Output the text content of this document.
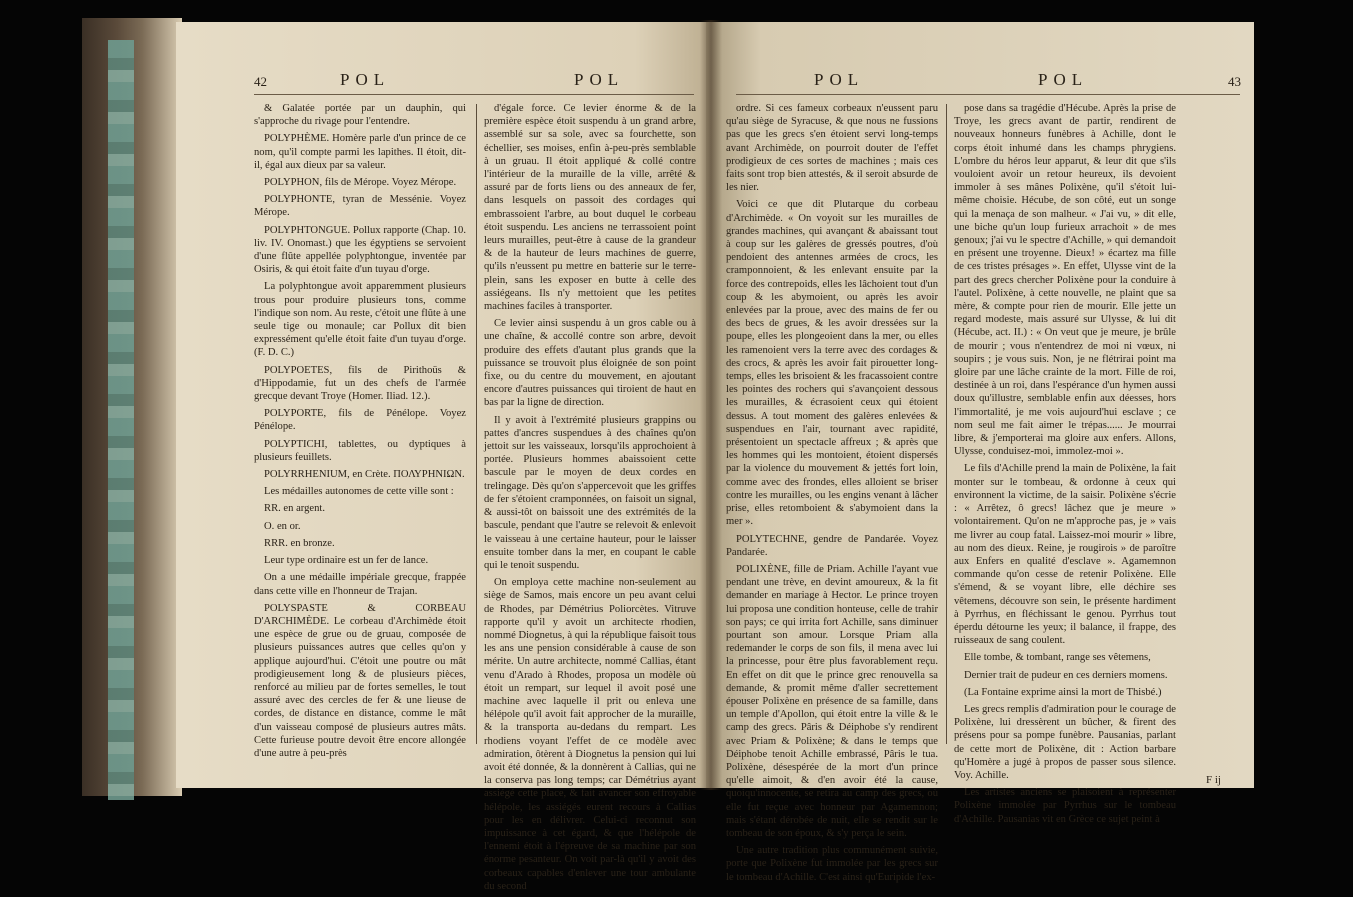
42	POL	POL

& Galatée portée par un dauphin, qui s'approche du rivage pour l'entendre.

POLYPHÈME. Homère parle d'un prince de ce nom, qu'il compte parmi les lapithes. Il étoit, dit-il, égal aux dieux par sa valeur.

POLYPHON, fils de Mérope. Voyez Mérope.

POLYPHONTE, tyran de Messénie. Voyez Mérope.

POLYPHTONGUE. Pollux rapporte (Chap. 10. liv. IV. Onomast.) que les égyptiens se servoient d'une flûte appellée polyphtongue, inventée par Osiris, & qui étoit faite d'un tuyau d'orge.

La polyphtongue avoit apparemment plusieurs trous pour produire plusieurs tons, comme l'indique son nom. Au reste, c'étoit une flûte à une seule tige ou monaule; car Pollux dit bien expressément qu'elle étoit faite d'un tuyau d'orge. (F. D. C.)

POLYPOETES, fils de Pirithoüs & d'Hippodamie, fut un des chefs de l'armée grecque devant Troye (Homer. Iliad. 12.).

POLYPORTE, fils de Pénélope. Voyez Pénélope.

POLYPTICHI, tablettes, ou dyptiques à plusieurs feuillets.

POLYRRHENIUM, en Crète. ΠΟΛΥΡΗΝΙΩΝ.

Les médailles autonomes de cette ville sont :

RR. en argent.

O. en or.

RRR. en bronze.

Leur type ordinaire est un fer de lance.

On a une médaille impériale grecque, frappée dans cette ville en l'honneur de Trajan.

POLYSPASTE & CORBEAU D'ARCHIMÈDE. Le corbeau d'Archimède étoit une espèce de grue ou de gruau, composée de plusieurs puissances autres que celles qu'on y applique aujourd'hui. C'étoit une poutre ou mât prodigieusement long & de plusieurs pièces, renforcé au milieu par de fortes semelles, le tout assuré avec des cercles de fer & une lieuse de cordes, de distance en distance, comme le mât d'un vaisseau composé de plusieurs autres mâts. Cette furieuse poutre devoit être encore allongée d'une autre à peu-près

d'égale force. Ce levier énorme & de la première espèce étoit suspendu à un grand arbre, assemblé sur sa sole, avec sa fourchette, son échellier, ses moises, enfin à-peu-près semblable à un gruau. Il étoit appliqué & collé contre l'intérieur de la muraille de la ville, arrêté & assuré par de forts liens ou des anneaux de fer, dans lesquels on passoit des cordages qui embrassoient l'arbre, au bout duquel le corbeau étoit suspendu. Les anciens ne terrassoient point leurs murailles, peut-être à cause de la grandeur & de la hauteur de leurs machines de guerre, qu'ils n'eussent pu mettre en batterie sur le terre-plein, sans les exposer en butte à celle des assiégeans. Ils n'y mettoient que les petites machines faciles à transporter.

Ce levier ainsi suspendu à un gros cable ou à une chaîne, & accollé contre son arbre, devoit produire des effets d'autant plus grands que la puissance se trouvoit plus éloignée de son point fixe, ou du centre du mouvement, en ajoutant encore d'autres puissances qui tiroient de haut en bas par la ligne de direction.

Il y avoit à l'extrémité plusieurs grappins ou pattes d'ancres suspendues à des chaînes qu'on jettoit sur les vaisseaux, lorsqu'ils approchoient à portée. Plusieurs hommes abaissoient cette bascule par le moyen de deux cordes en trelingage. Dès qu'on s'appercevoit que les griffes de fer s'étoient cramponnées, on faisoit un signal, & aussi-tôt on baissoit une des extrémités de la bascule, pendant que l'autre se relevoit & enlevoit le vaisseau à une certaine hauteur, pour le laisser ensuite tomber dans la mer, en coupant le cable qui le tenoit suspendu.

On employa cette machine non-seulement au siège de Samos, mais encore un peu avant celui de Rhodes, par Démétrius Poliorcètes. Vitruve rapporte qu'il y avoit un architecte rhodien, nommé Diognetus, à qui la république faisoit tous les ans une pension considérable à cause de son mérite. Un autre architecte, nommé Callias, étant venu d'Arado à Rhodes, proposa un modèle où étoit un rempart, sur lequel il avoit posé une machine avec laquelle il prit ou enleva une hélépole qu'il avoit fait approcher de la muraille, & la transporta au-dedans du rempart. Les rhodiens voyant l'effet de ce modèle avec admiration, ôtèrent à Diognetus la pension qui lui avoit été donnée, & la donnèrent à Callias, qui ne la conserva pas long temps; car Démétrius ayant assiégé cette place, & fait avancer son effroyable hélépole, les assiégés eurent recours à Callias pour les en délivrer. Celui-ci reconnut son impuissance à cet égard, & que l'hélépole de l'ennemi étoit à l'épreuve de sa machine par son énorme pesanteur. On voit par-là qu'il y avoit des corbeaux capables d'enlever une tour ambulante du second

POL	POL	43

ordre. Si ces fameux corbeaux n'eussent paru qu'au siège de Syracuse, & que nous ne fussions pas que les grecs s'en étoient servi long-temps avant Archimède, on pourroit douter de l'effet prodigieux de ces sortes de machines ; mais ces faits sont trop bien attestés, & il seroit absurde de les nier.

Voici ce que dit Plutarque du corbeau d'Archimède. « On voyoit sur les murailles de grandes machines, qui avançant & abaissant tout à coup sur les galères de gressés poutres, d'où pendoient des antennes armées de crocs, les cramponnoient, & les enlevant ensuite par la force des contrepoids, elles les lâchoient tout d'un coup & les abymoient, ou après les avoir enlevées par la proue, avec des mains de fer ou des becs de grues, & les avoir dressées sur la poupe, elles les plongeoient dans la mer, ou elles les ramenoient vers la terre avec des cordages & des crocs, & après les avoir fait pirouetter long-temps, elles les brisoient & les fracassoient contre les pointes des rochers qui s'avançoient dessous les murailles, & écrasoient ceux qui étoient dessus. A tout moment des galères enlevées & suspendues en l'air, tournant avec rapidité, présentoient un spectacle affreux ; & après que les hommes qui les montoient, étoient dispersés par la violence du mouvement & jettés fort loin, comme avec des frondes, elles alloient se briser contre les murailles, ou les engins venant à lâcher prise, elles retomboient & s'abymoient dans la mer ».

POLYTECHNE, gendre de Pandarée. Voyez Pandarée.

POLIXÈNE, fille de Priam. Achille l'ayant vue pendant une trève, en devint amoureux, & la fit demander en mariage à Hector. Le prince troyen lui proposa une condition honteuse, celle de trahir son pays; ce qui irrita fort Achille, sans diminuer pourtant son amour. Lorsque Priam alla redemander le corps de son fils, il mena avec lui la princesse, pour être plus favorablement reçu. En effet on dit que le prince grec renouvella sa demande, & promit même d'aller secrettement épouser Polixène en présence de sa famille, dans un temple d'Apollon, qui étoit entre la ville & le camp des grecs. Pâris & Déiphobe s'y rendirent avec Priam & Polixène; & dans le temps que Déiphobe tenoit Achille embrassé, Pâris le tua. Polixène, désespérée de la mort d'un prince qu'elle aimoit, & d'en avoir été la cause, quoiqu'innocente, se retira au camp des grecs, où elle fut reçue avec honneur par Agamemnon; mais s'étant dérobée de nuit, elle se rendit sur le tombeau de son époux, & s'y perça le sein.

Une autre tradition plus communément suivie, porte que Polixène fut immolée par les grecs sur le tombeau d'Achille. C'est ainsi qu'Euripide l'ex-

pose dans sa tragédie d'Hécube. Après la prise de Troye, les grecs avant de partir, rendirent de nouveaux honneurs funèbres à Achille, dont le corps étoit inhumé dans les champs phrygiens. L'ombre du héros leur apparut, & leur dit que s'ils vouloient avoir un retour heureux, ils devoient immoler à ses mânes Polixène, qu'il s'étoit lui-même choisie. Hécube, de son côté, eut un songe qui la menaça de son malheur. « J'ai vu, » dit elle, une biche qu'un loup furieux arrachoit » de mes genoux; j'ai vu le spectre d'Achille, » qui demandoit en présent une troyenne. Dieux! » écartez ma fille de ces tristes présages ». En effet, Ulysse vint de la part des grecs chercher Polixène pour la conduire à l'autel. Polixène, à cette nouvelle, ne plaint que sa mère, & compte pour rien de mourir. Elle jette un regard modeste, mais assuré sur Ulysse, & lui dit (Hécube, act. II.) : « On veut que je meure, je brûle de mourir ; vous n'entendrez de moi ni vœux, ni soupirs ; je vous suis. Non, je ne flétrirai point ma gloire par une lâche crainte de la mort. Fille de roi, destinée à un roi, dans l'espérance d'un hymen aussi doux qu'illustre, semblable enfin aux déesses, hors l'immortalité, je me vois aujourd'hui esclave ; ce nom seul me fait aimer le trépas...... Je mourrai libre, & j'emporterai ma gloire aux enfers. Allons, Ulysse, conduisez-moi, immolez-moi ».

Le fils d'Achille prend la main de Polixène, la fait monter sur le tombeau, & ordonne à ceux qui environnent la victime, de la saisir. Polixène s'écrie : « Arrêtez, ô grecs! lâchez que je meure » volontairement. Qu'on ne m'approche pas, je » vais me livrer au coup fatal. Laissez-moi mourir » libre, au nom des dieux. Reine, je rougirois » de paroître aux Enfers en qualité d'esclave ». Agamemnon commande qu'on cesse de retenir Polixène. Elle s'émend, & se voyant libre, elle déchire ses vêtemens, découvre son sein, le présente hardiment à Pyrrhus, en fléchissant le genou. Pyrrhus tout éperdu détourne les yeux; il balance, il frappe, des ruisseaux de sang coulent.

Elle tombe, & tombant, range ses vêtemens,

Dernier trait de pudeur en ces derniers momens.

(La Fontaine exprime ainsi la mort de Thisbé.)

Les grecs remplis d'admiration pour le courage de Polixène, lui dressèrent un bûcher, & firent des présens pour sa pompe funèbre. Pausanias, parlant de cette mort de Polixène, dit : Action barbare qu'Homère a jugé à propos de passer sous silence. Voy. Achille.

Les artistes anciens se plaisoient à représenter Polixène immolée par Pyrrhus sur le tombeau d'Achille. Pausanias vit en Grèce ce sujet peint à

F ij
